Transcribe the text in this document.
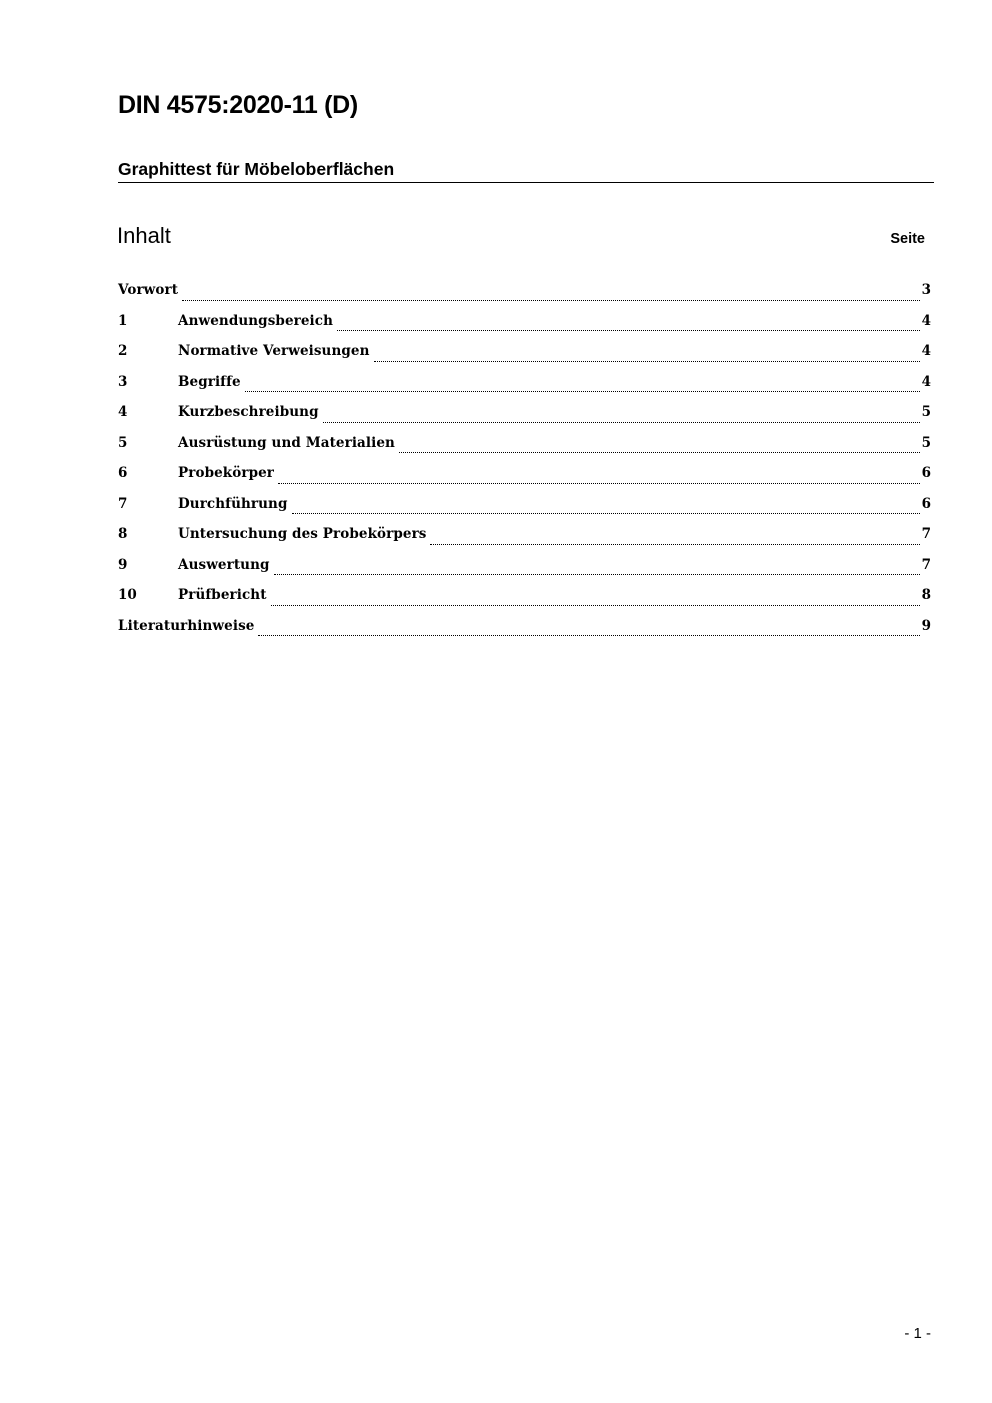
DIN 4575:2020-11 (D)
Graphittest für Möbeloberflächen
Inhalt	Seite
Vorwort	3
1	Anwendungsbereich	4
2	Normative Verweisungen	4
3	Begriffe	4
4	Kurzbeschreibung	5
5	Ausrüstung und Materialien	5
6	Probekörper	6
7	Durchführung	6
8	Untersuchung des Probekörpers	7
9	Auswertung	7
10	Prüfbericht	8
Literaturhinweise	9
- 1 -
